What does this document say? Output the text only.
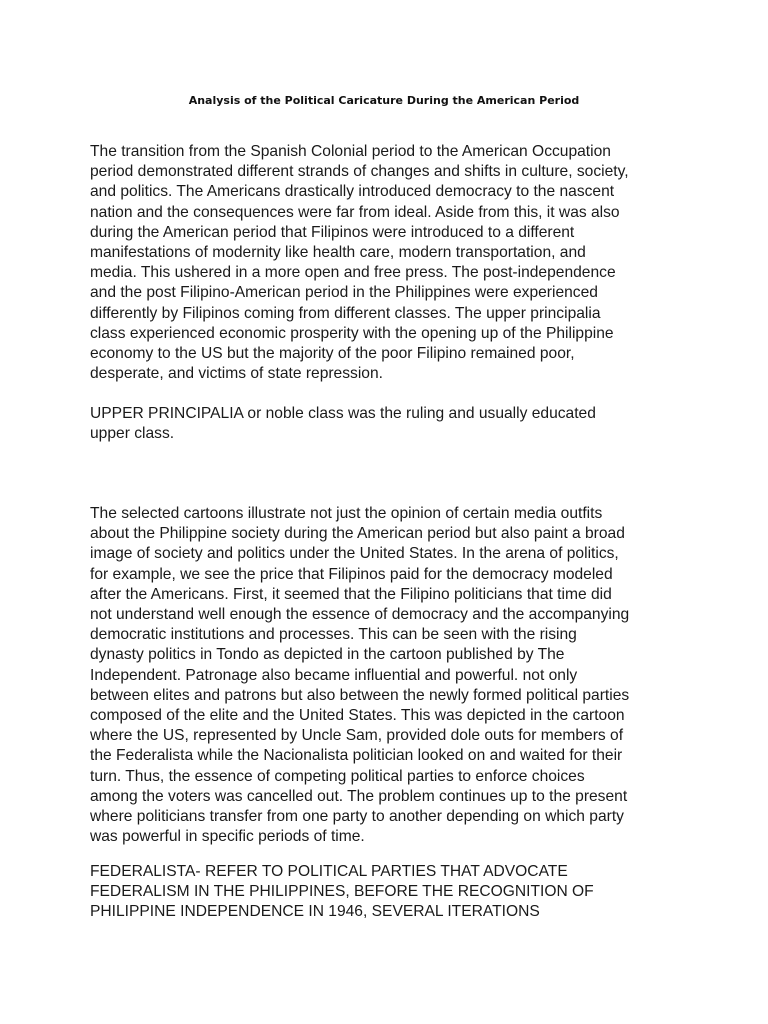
Analysis of the Political Caricature During the American Period
The transition from the Spanish Colonial period to the American Occupation
period demonstrated different strands of changes and shifts in culture, society,
and politics. The Americans drastically introduced democracy to the nascent
nation and the consequences were far from ideal. Aside from this, it was also
during the American period that Filipinos were introduced to a different
manifestations of modernity like health care, modern transportation, and
media. This ushered in a more open and free press. The post-independence
and the post Filipino-American period in the Philippines were experienced
differently by Filipinos coming from different classes. The upper principalia
class experienced economic prosperity with the opening up of the Philippine
economy to the US but the majority of the poor Filipino remained poor,
desperate, and victims of state repression.
UPPER PRINCIPALIA or noble class was the ruling and usually educated
upper class.
The selected cartoons illustrate not just the opinion of certain media outfits
about the Philippine society during the American period but also paint a broad
image of society and politics under the United States. In the arena of politics,
for example, we see the price that Filipinos paid for the democracy modeled
after the Americans. First, it seemed that the Filipino politicians that time did
not understand well enough the essence of democracy and the accompanying
democratic institutions and processes. This can be seen with the rising
dynasty politics in Tondo as depicted in the cartoon published by The
Independent. Patronage also became influential and powerful. not only
between elites and patrons but also between the newly formed political parties
composed of the elite and the United States. This was depicted in the cartoon
where the US, represented by Uncle Sam, provided dole outs for members of
the Federalista while the Nacionalista politician looked on and waited for their
turn. Thus, the essence of competing political parties to enforce choices
among the voters was cancelled out. The problem continues up to the present
where politicians transfer from one party to another depending on which party
was powerful in specific periods of time.
FEDERALISTA- REFER TO POLITICAL PARTIES THAT ADVOCATE
FEDERALISM IN THE PHILIPPINES, BEFORE THE RECOGNITION OF
PHILIPPINE INDEPENDENCE IN 1946, SEVERAL ITERATIONS
